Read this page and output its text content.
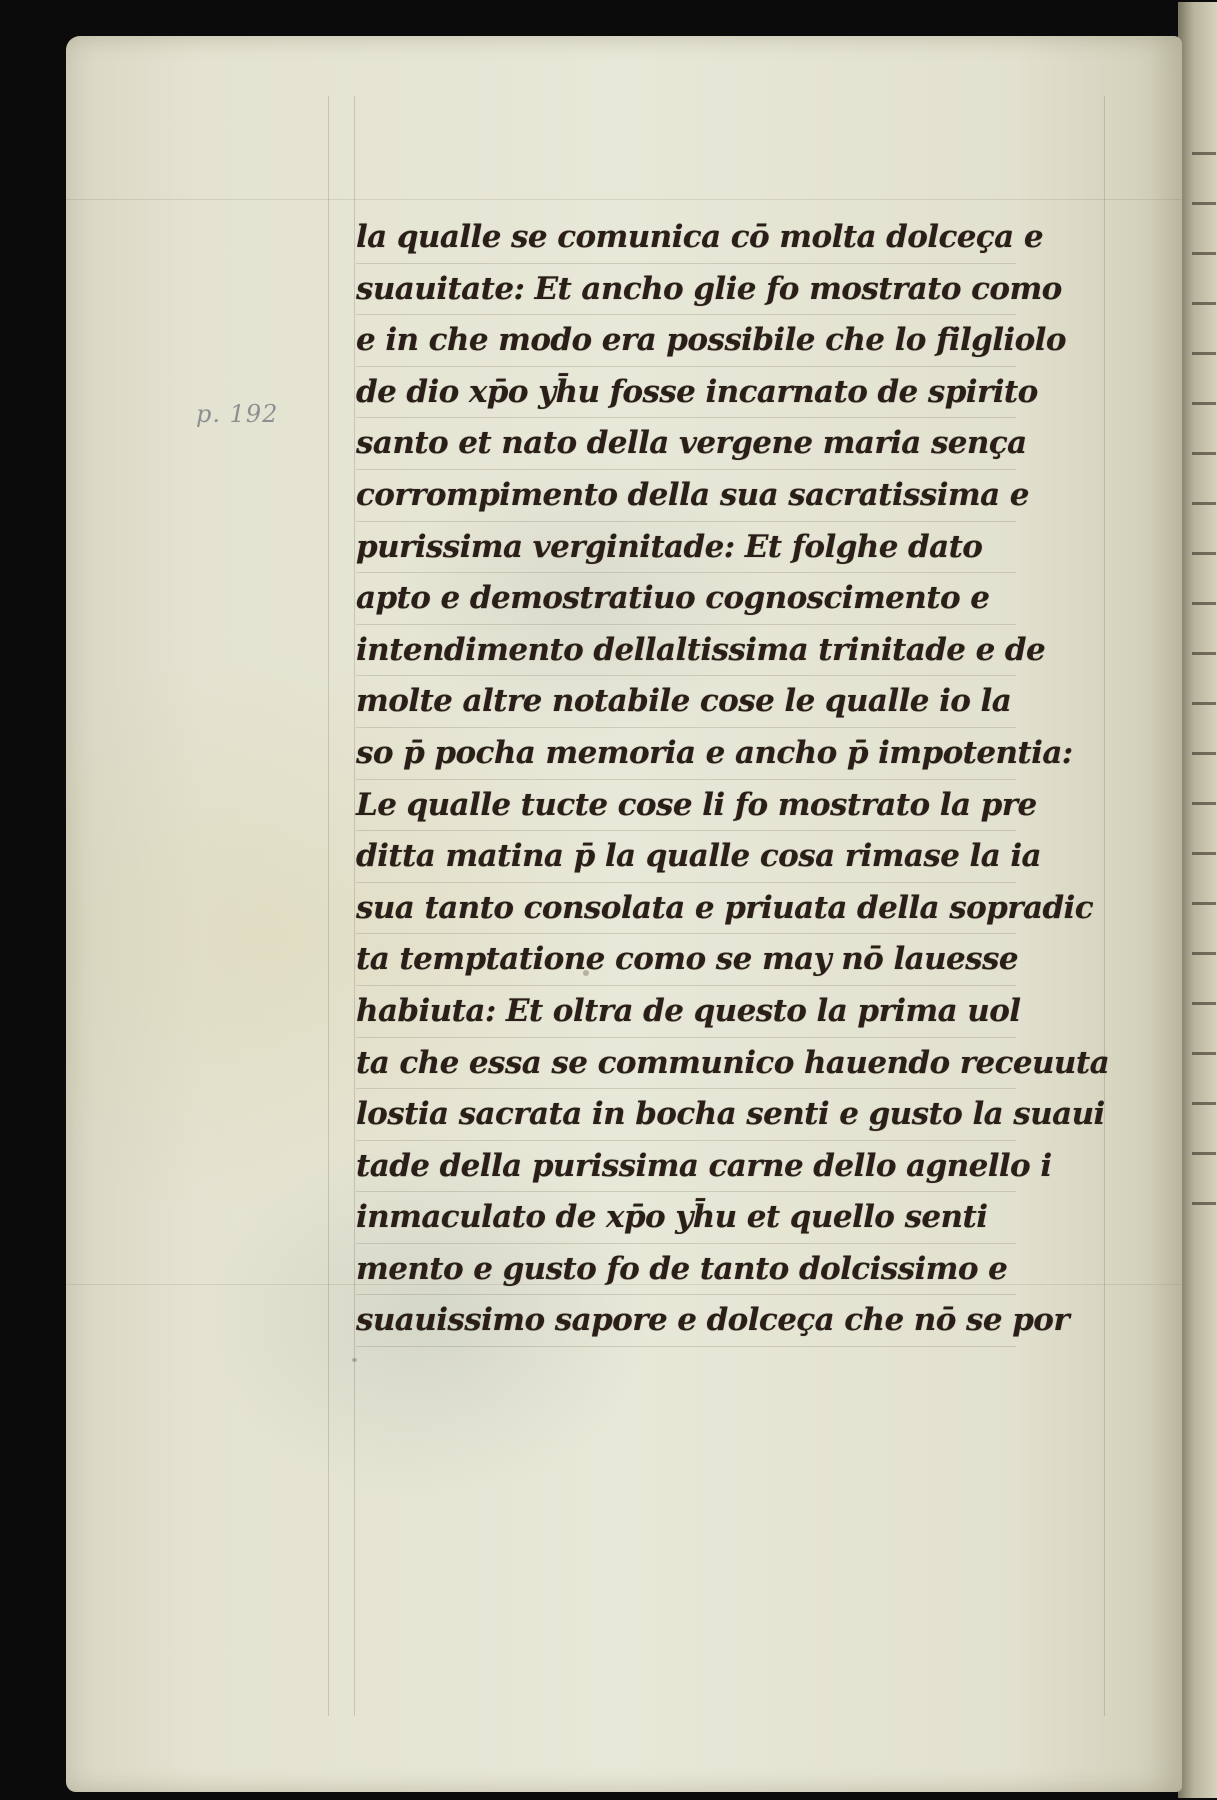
p. 192
la qualle se comunica cō molta dolceça e
suauitate: Et ancho glie fo mostrato como
e in che modo era possibile che lo filgliolo
de dio xp̄o yh̄u fosse incarnato de spirito
santo et nato della vergene maria sença
corrompimento della sua sacratissima e
purissima verginitade: Et folghe dato
apto e demostratiuo cognoscimento e
intendimento dellaltissima trinitade e de
molte altre notabile cose le qualle io la
so p̄ pocha memoria e ancho p̄ impotentia:
Le qualle tucte cose li fo mostrato la pre
ditta matina p̄ la qualle cosa rimase la ia
sua tanto consolata e priuata della sopradic
ta temptatione como se may nō lauesse
habiuta: Et oltra de questo la prima uol
ta che essa se communico hauendo receuuta
lostia sacrata in bocha senti e gusto la suaui
tade della purissima carne dello agnello i
inmaculato de xp̄o yh̄u et quello senti
mento e gusto fo de tanto dolcissimo e
suauissimo sapore e dolceça che nō se por
